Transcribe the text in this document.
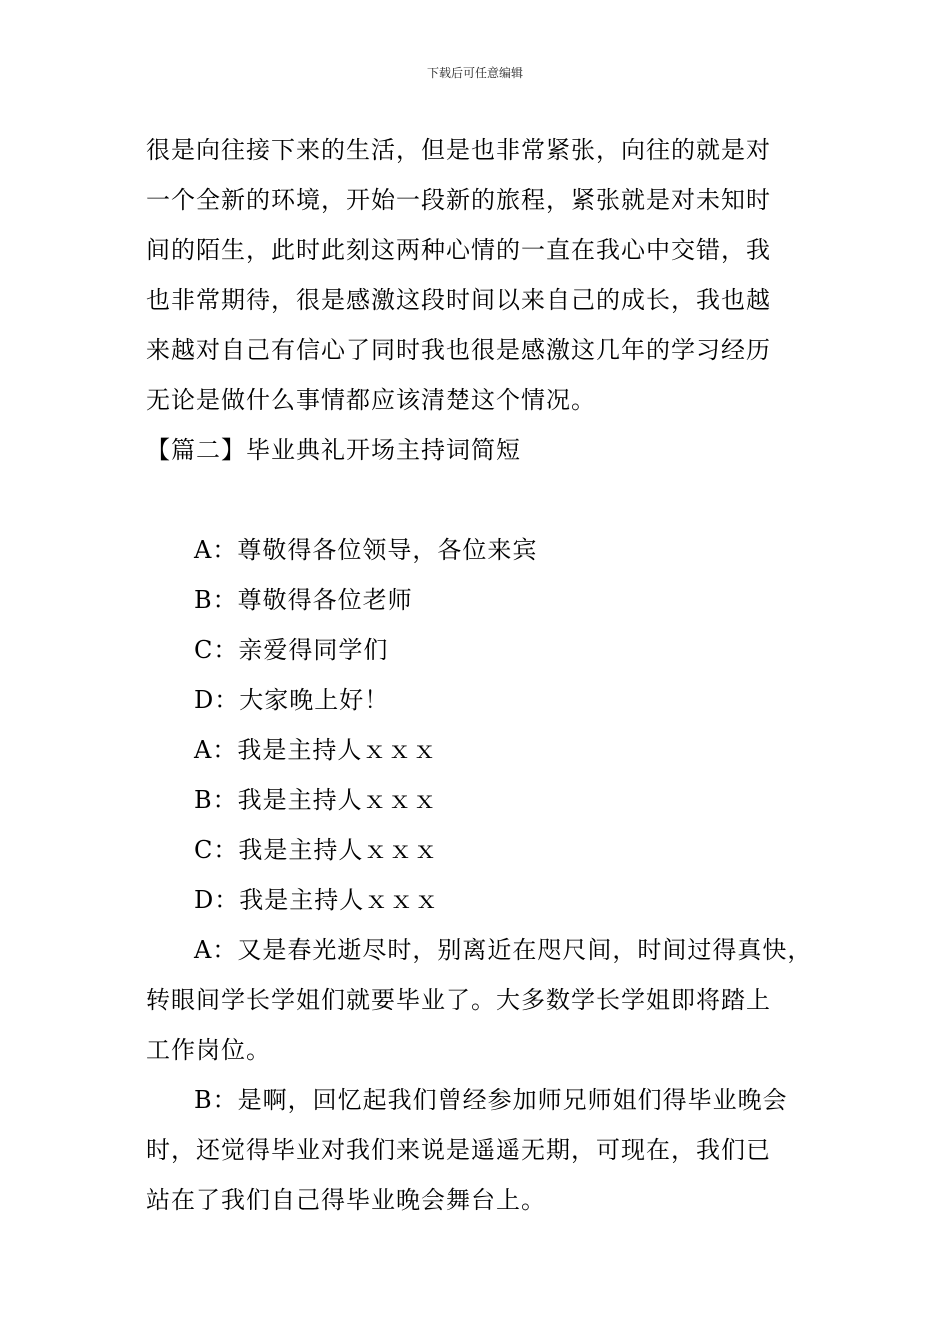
下载后可任意编辑
很是向往接下来的生活，但是也非常紧张，向往的就是对
一个全新的环境，开始一段新的旅程，紧张就是对未知时
间的陌生，此时此刻这两种心情的一直在我心中交错，我
也非常期待，很是感激这段时间以来自己的成长，我也越
来越对自己有信心了同时我也很是感激这几年的学习经历
无论是做什么事情都应该清楚这个情况。
【篇二】毕业典礼开场主持词简短
A：尊敬得各位领导，各位来宾
B：尊敬得各位老师
C：亲爱得同学们
D：大家晚上好！
A：我是主持人ｘｘｘ
B：我是主持人ｘｘｘ
C：我是主持人ｘｘｘ
D：我是主持人ｘｘｘ
A：又是春光逝尽时，别离近在咫尺间，时间过得真快，
转眼间学长学姐们就要毕业了。大多数学长学姐即将踏上
工作岗位。
B：是啊，回忆起我们曾经参加师兄师姐们得毕业晚会
时，还觉得毕业对我们来说是遥遥无期，可现在，我们已
站在了我们自己得毕业晚会舞台上。
